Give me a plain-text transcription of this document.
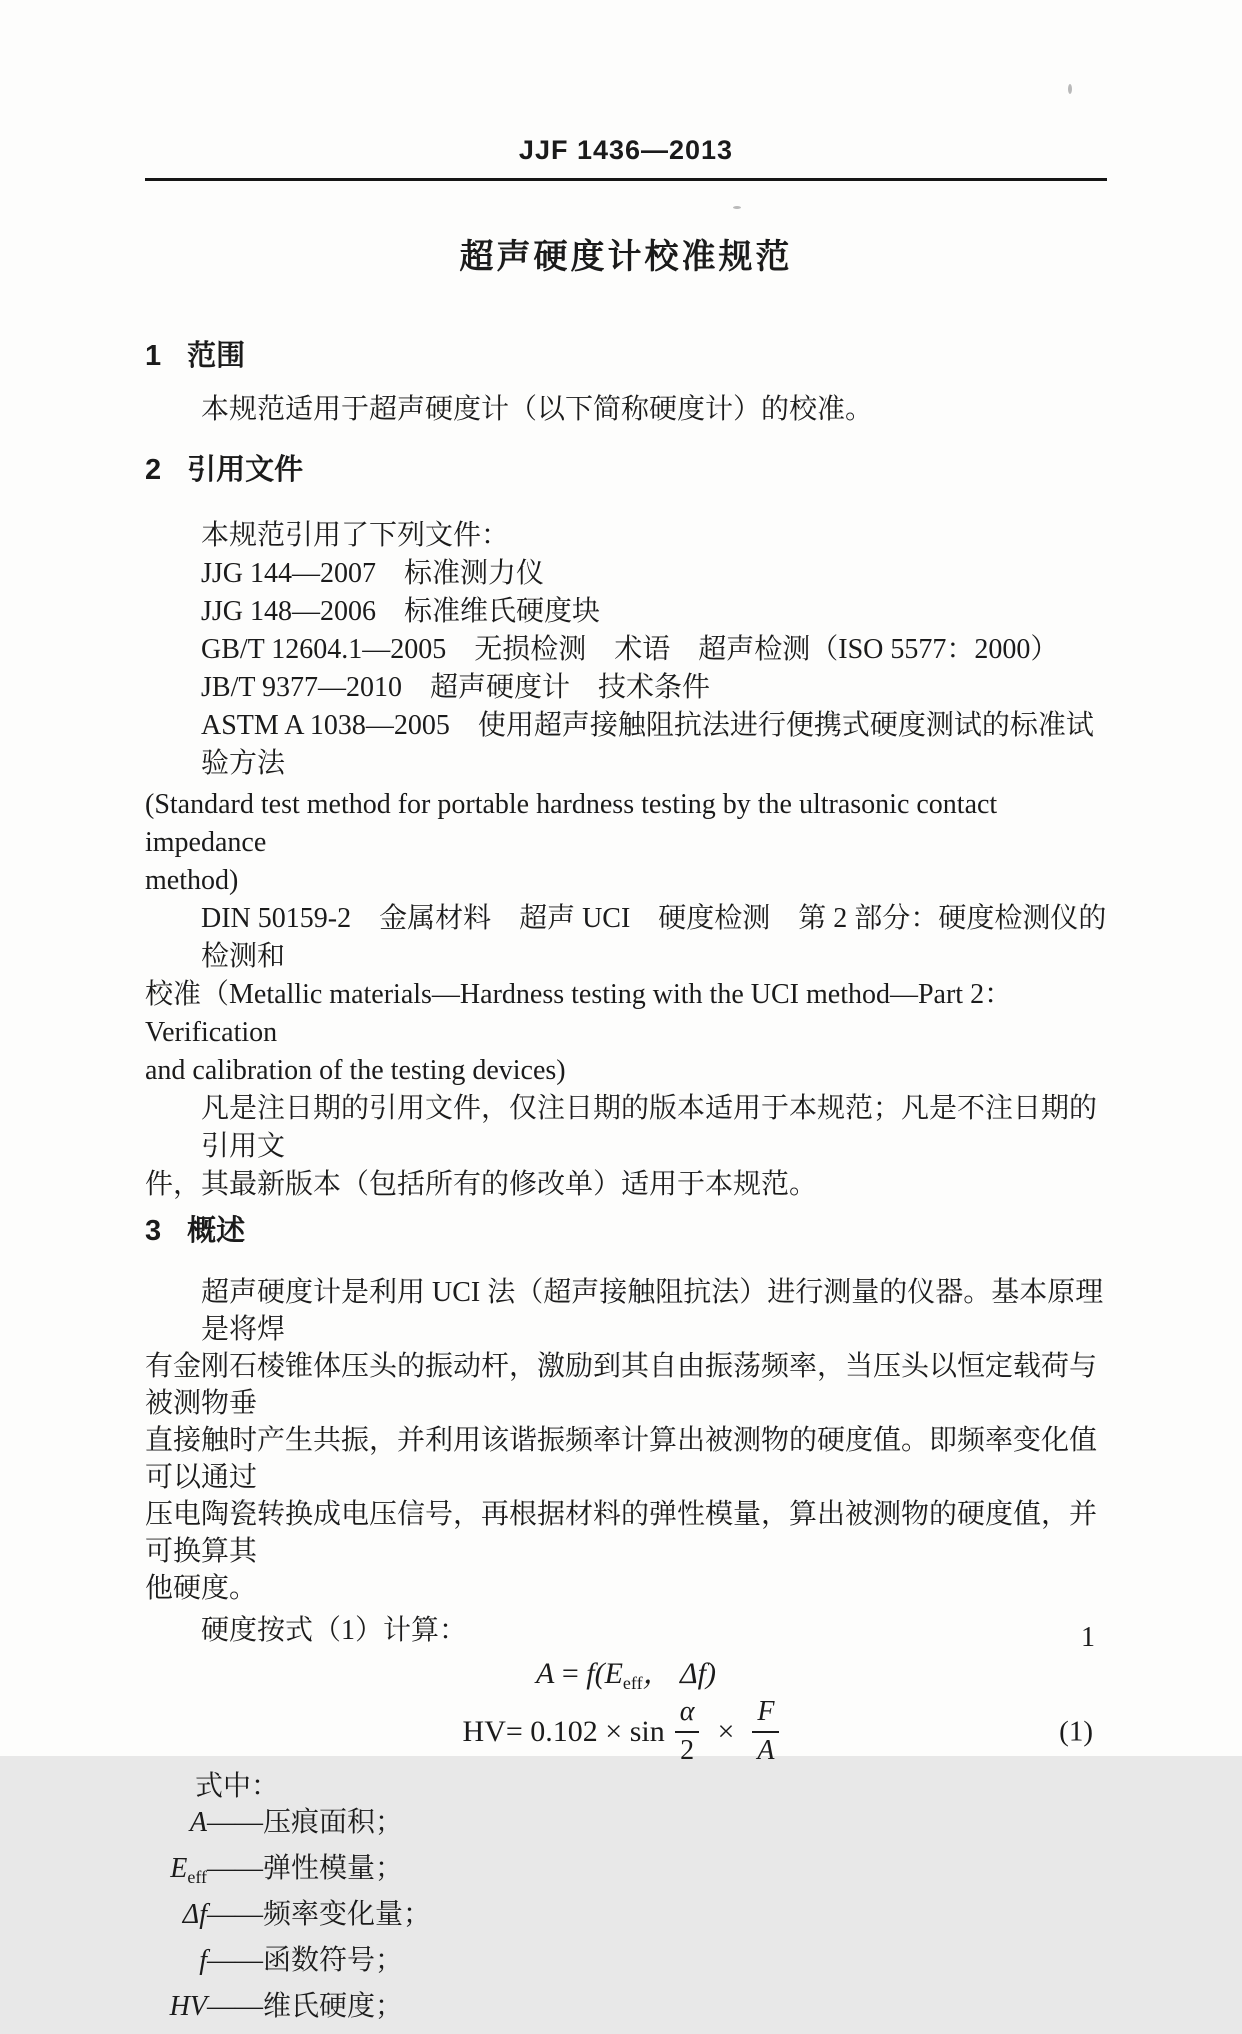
JJF 1436—2013
超声硬度计校准规范
1 范围
本规范适用于超声硬度计（以下简称硬度计）的校准。
2 引用文件
本规范引用了下列文件：
JJG 144—2007　标准测力仪
JJG 148—2006　标准维氏硬度块
GB/T 12604.1—2005　无损检测　术语　超声检测（ISO 5577：2000）
JB/T 9377—2010　超声硬度计　技术条件
ASTM A 1038—2005　使用超声接触阻抗法进行便携式硬度测试的标准试验方法
(Standard test method for portable hardness testing by the ultrasonic contact impedance
method)
DIN 50159-2　金属材料　超声 UCI　硬度检测　第 2 部分：硬度检测仪的检测和
校准（Metallic materials—Hardness testing with the UCI method—Part 2：Verification
and calibration of the testing devices)
凡是注日期的引用文件，仅注日期的版本适用于本规范；凡是不注日期的引用文
件，其最新版本（包括所有的修改单）适用于本规范。
3 概述
超声硬度计是利用 UCI 法（超声接触阻抗法）进行测量的仪器。基本原理是将焊
有金刚石棱锥体压头的振动杆，激励到其自由振荡频率，当压头以恒定载荷与被测物垂
直接触时产生共振，并利用该谐振频率计算出被测物的硬度值。即频率变化值可以通过
压电陶瓷转换成电压信号，再根据材料的弹性模量，算出被测物的硬度值，并可换算其
他硬度。
硬度按式（1）计算：
$A = f(E_{eff}$， Δf)
HV = $0.102 \times \sin \frac{\alpha}{2} \times \frac{F}{A}$	(1)
式中：
A —— 压痕面积；
$E_{eff}$ —— 弹性模量；
Δf —— 频率变化量；
f —— 函数符号；
HV —— 维氏硬度；
1
